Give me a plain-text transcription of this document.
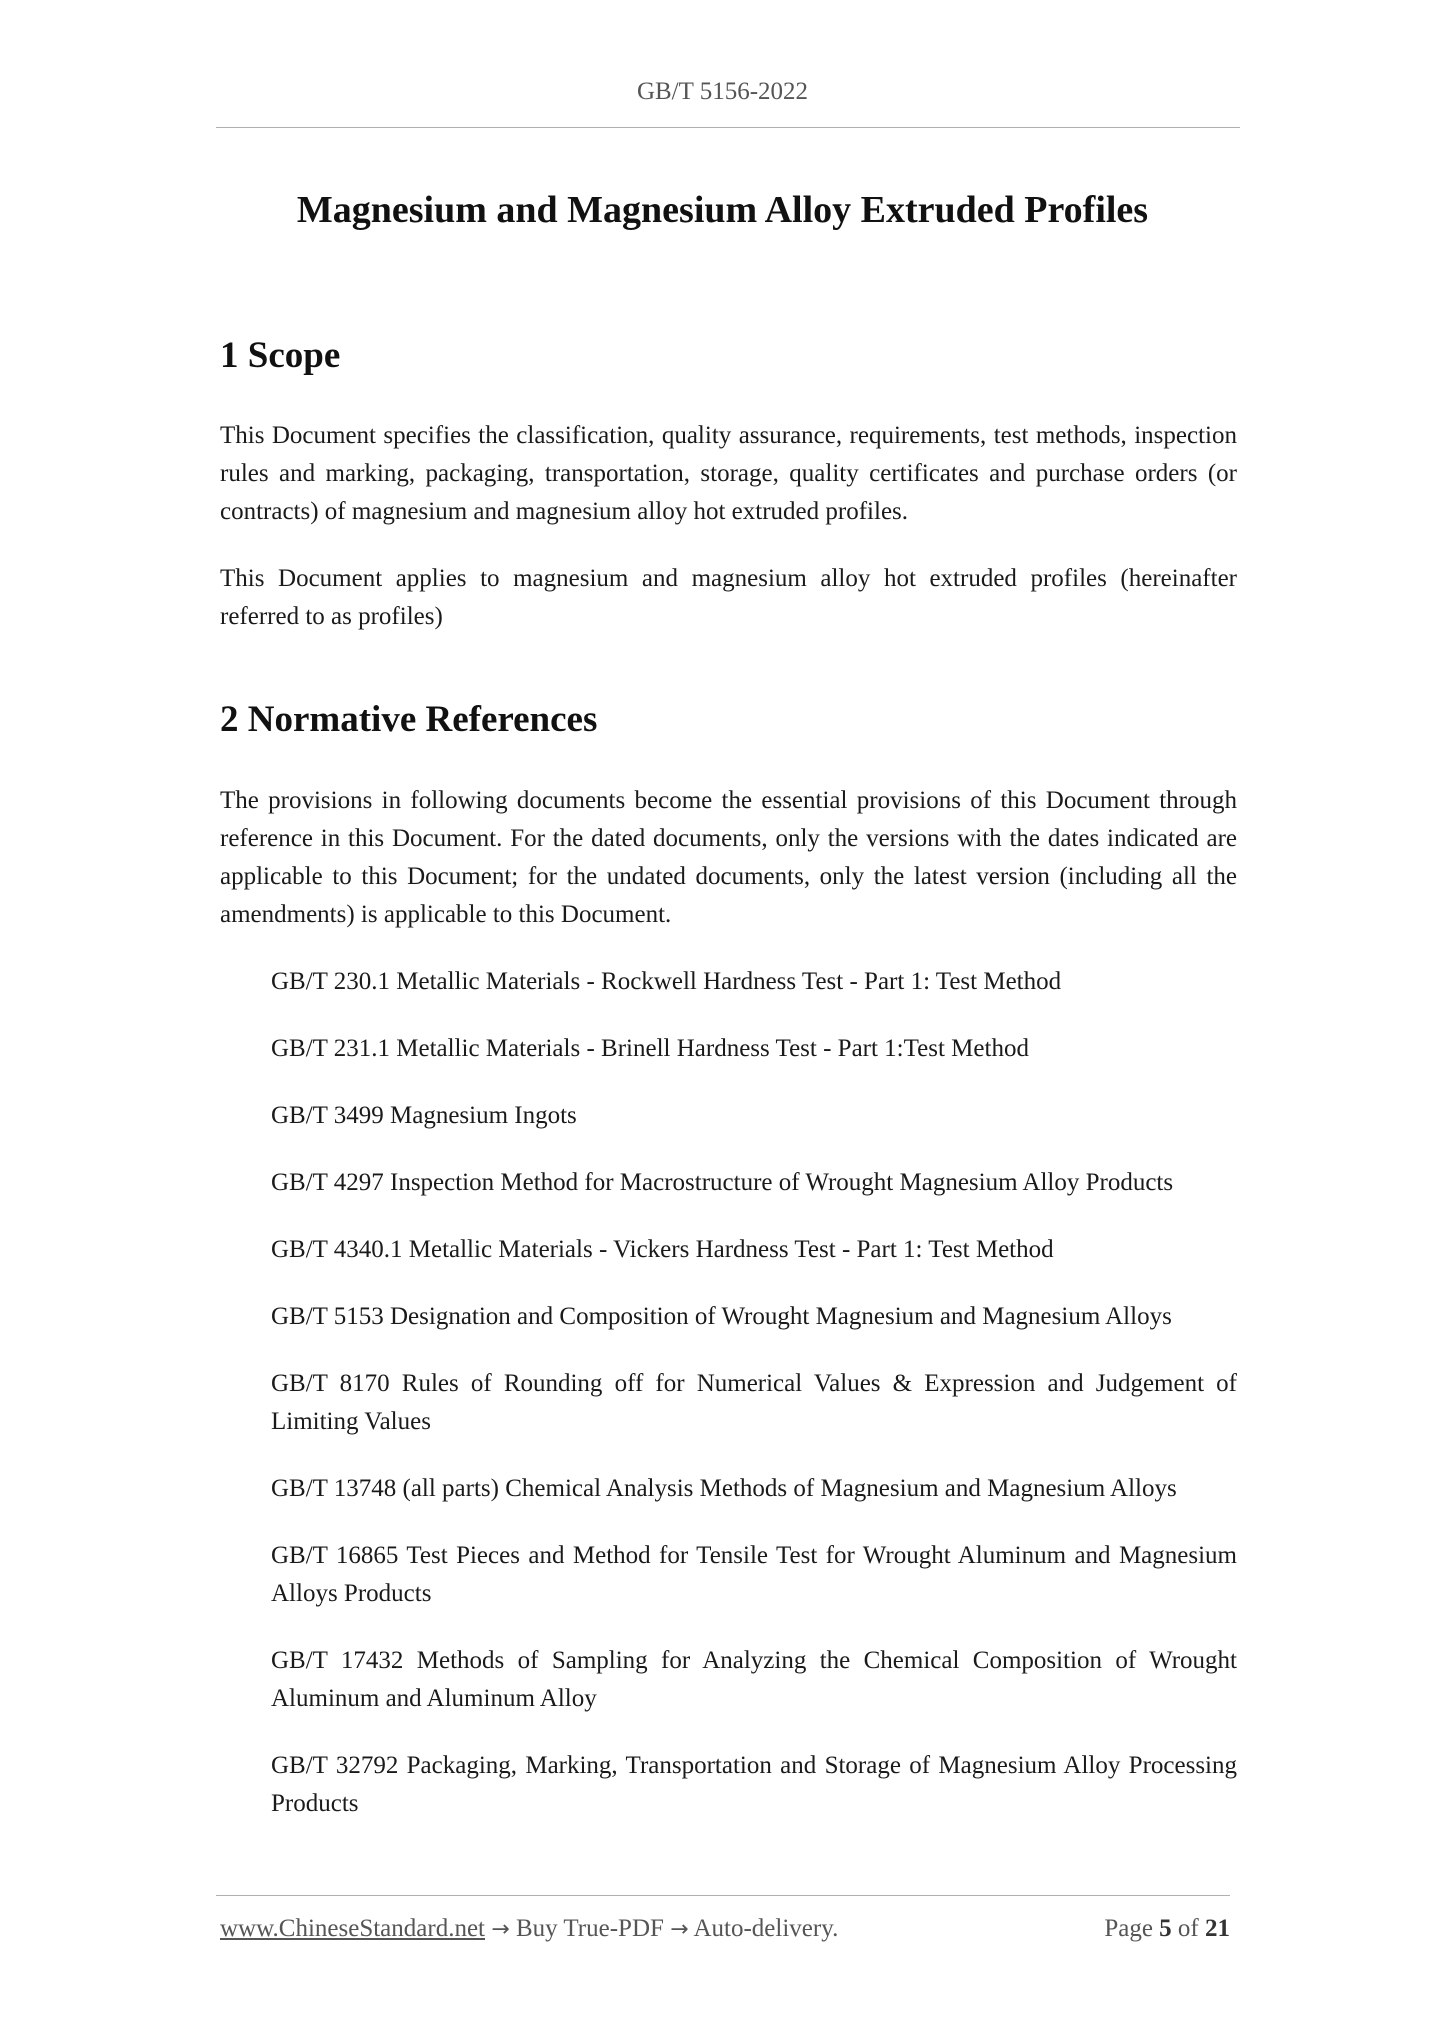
GB/T 5156-2022
Magnesium and Magnesium Alloy Extruded Profiles
1 Scope

This Document specifies the classification, quality assurance, requirements, test methods, inspection rules and marking, packaging, transportation, storage, quality certificates and purchase orders (or contracts) of magnesium and magnesium alloy hot extruded profiles.

This Document applies to magnesium and magnesium alloy hot extruded profiles (hereinafter referred to as profiles)

2 Normative References

The provisions in following documents become the essential provisions of this Document through reference in this Document. For the dated documents, only the versions with the dates indicated are applicable to this Document; for the undated documents, only the latest version (including all the amendments) is applicable to this Document.

GB/T 230.1 Metallic Materials - Rockwell Hardness Test - Part 1: Test Method
GB/T 231.1 Metallic Materials - Brinell Hardness Test - Part 1:Test Method
GB/T 3499 Magnesium Ingots
GB/T 4297 Inspection Method for Macrostructure of Wrought Magnesium Alloy Products
GB/T 4340.1 Metallic Materials - Vickers Hardness Test - Part 1: Test Method
GB/T 5153 Designation and Composition of Wrought Magnesium and Magnesium Alloys
GB/T 8170 Rules of Rounding off for Numerical Values & Expression and Judgement of Limiting Values
GB/T 13748 (all parts) Chemical Analysis Methods of Magnesium and Magnesium Alloys
GB/T 16865 Test Pieces and Method for Tensile Test for Wrought Aluminum and Magnesium Alloys Products
GB/T 17432 Methods of Sampling for Analyzing the Chemical Composition of Wrought Aluminum and Aluminum Alloy
GB/T 32792 Packaging, Marking, Transportation and Storage of Magnesium Alloy Processing Products
www.ChineseStandard.net → Buy True-PDF → Auto-delivery.	Page 5 of 21
